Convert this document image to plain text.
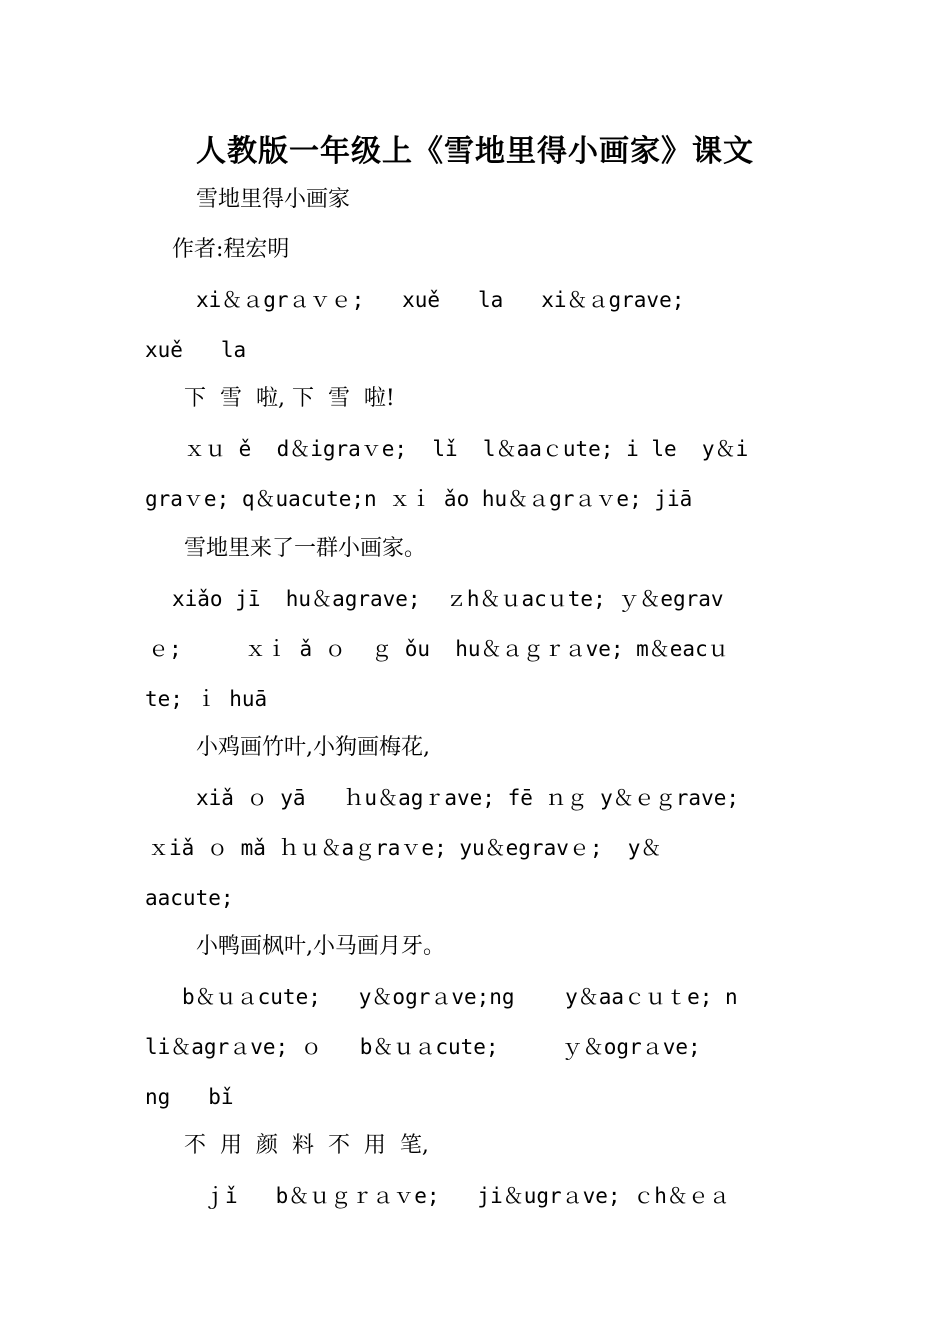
人教版一年级上《雪地里得小画家》课文
雪地里得小画家
作者:程宏明
xi＆ａgrａｖｅ;   xuě   la   xi＆ａgrave;
xuě   la
下  雪  啦, 下  雪  啦!
ｘｕ ě  d＆igraｖe;  lǐ  l＆aaｃute; i le  y＆i
graｖe; q＆uacute;n ｘｉ ǎo hu＆ａgrａｖe; jiā
雪地里来了一群小画家。
xiǎo jī  hu＆agrave;  ｚh＆ｕacｕte; ｙ＆egrav
ｅ;     ｘｉ ǎ ｏ  ｇ ǒu  hu＆ａｇｒａve; m＆eacｕ
te; ｉ huā
小鸡画竹叶,小狗画梅花,
xiǎ ｏ yā   ｈu＆agｒave; fē ｎｇ y＆ｅｇrave;
ｘiǎ ｏ mǎ ｈｕ＆aｇraｖe; yu＆egravｅ;  y＆
aacute;
小鸭画枫叶,小马画月牙。
b＆ｕａcute;   y＆ogrａve;ng    y＆aaｃｕｔe; n
li＆agrａve; ｏ   b＆ｕａcute;     ｙ＆ogrａve;
ng   bǐ
不  用  颜  料  不  用  笔,
ｊǐ   b＆ｕｇｒａｖe;   ji＆ugrａve; ｃh＆ｅａ
